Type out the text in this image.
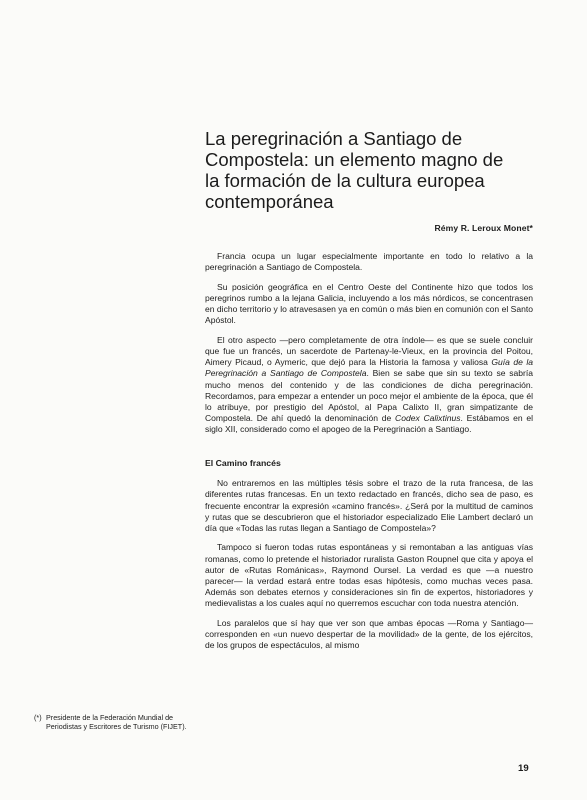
La peregrinación a Santiago de
Compostela: un elemento magno de
la formación de la cultura europea
contemporánea
Rémy R. Leroux Monet*

Francia ocupa un lugar especialmente importante en todo lo relativo a la peregrinación a Santiago de Compostela.

Su posición geográfica en el Centro Oeste del Continente hizo que todos los peregrinos rumbo a la lejana Galicia, incluyendo a los más nórdicos, se concentrasen en dicho territorio y lo atravesasen ya en común o más bien en comunión con el Santo Apóstol.

El otro aspecto —pero completamente de otra índole— es que se suele concluir que fue un francés, un sacerdote de Partenay-le-Vieux, en la provincia del Poitou, Aimery Picaud, o Aymeric, que dejó para la Historia la famosa y valiosa Guía de la Peregrinación a Santiago de Compostela. Bien se sabe que sin su texto se sabría mucho menos del contenido y de las condiciones de dicha peregrinación. Recordamos, para empezar a entender un poco mejor el ambiente de la época, que él lo atribuye, por prestigio del Apóstol, al Papa Calixto II, gran simpatizante de Compostela. De ahí quedó la denominación de Codex Calixtinus. Estábamos en el siglo XII, considerado como el apogeo de la Peregrinación a Santiago.

El Camino francés

No entraremos en las múltiples tésis sobre el trazo de la ruta francesa, de las diferentes rutas francesas. En un texto redactado en francés, dicho sea de paso, es frecuente encontrar la expresión «camino francés». ¿Será por la multitud de caminos y rutas que se descubrieron que el historiador especializado Elie Lambert declaró un día que «Todas las rutas llegan a Santiago de Compostela»?

Tampoco si fueron todas rutas espontáneas y si remontaban a las antiguas vías romanas, como lo pretende el historiador ruralista Gaston Roupnel que cita y apoya el autor de «Rutas Románicas», Raymond Oursel. La verdad es que —a nuestro parecer— la verdad estará entre todas esas hipótesis, como muchas veces pasa. Además son debates eternos y consideraciones sin fin de expertos, historiadores y medievalistas a los cuales aquí no querremos escuchar con toda nuestra atención.

Los paralelos que sí hay que ver son que ambas épocas —Roma y Santiago— corresponden en «un nuevo despertar de la movilidad» de la gente, de los ejércitos, de los grupos de espectáculos, al mismo

(*) Presidente de la Federación Mundial de Periodistas y Escritores de Turismo (FIJET).
19
